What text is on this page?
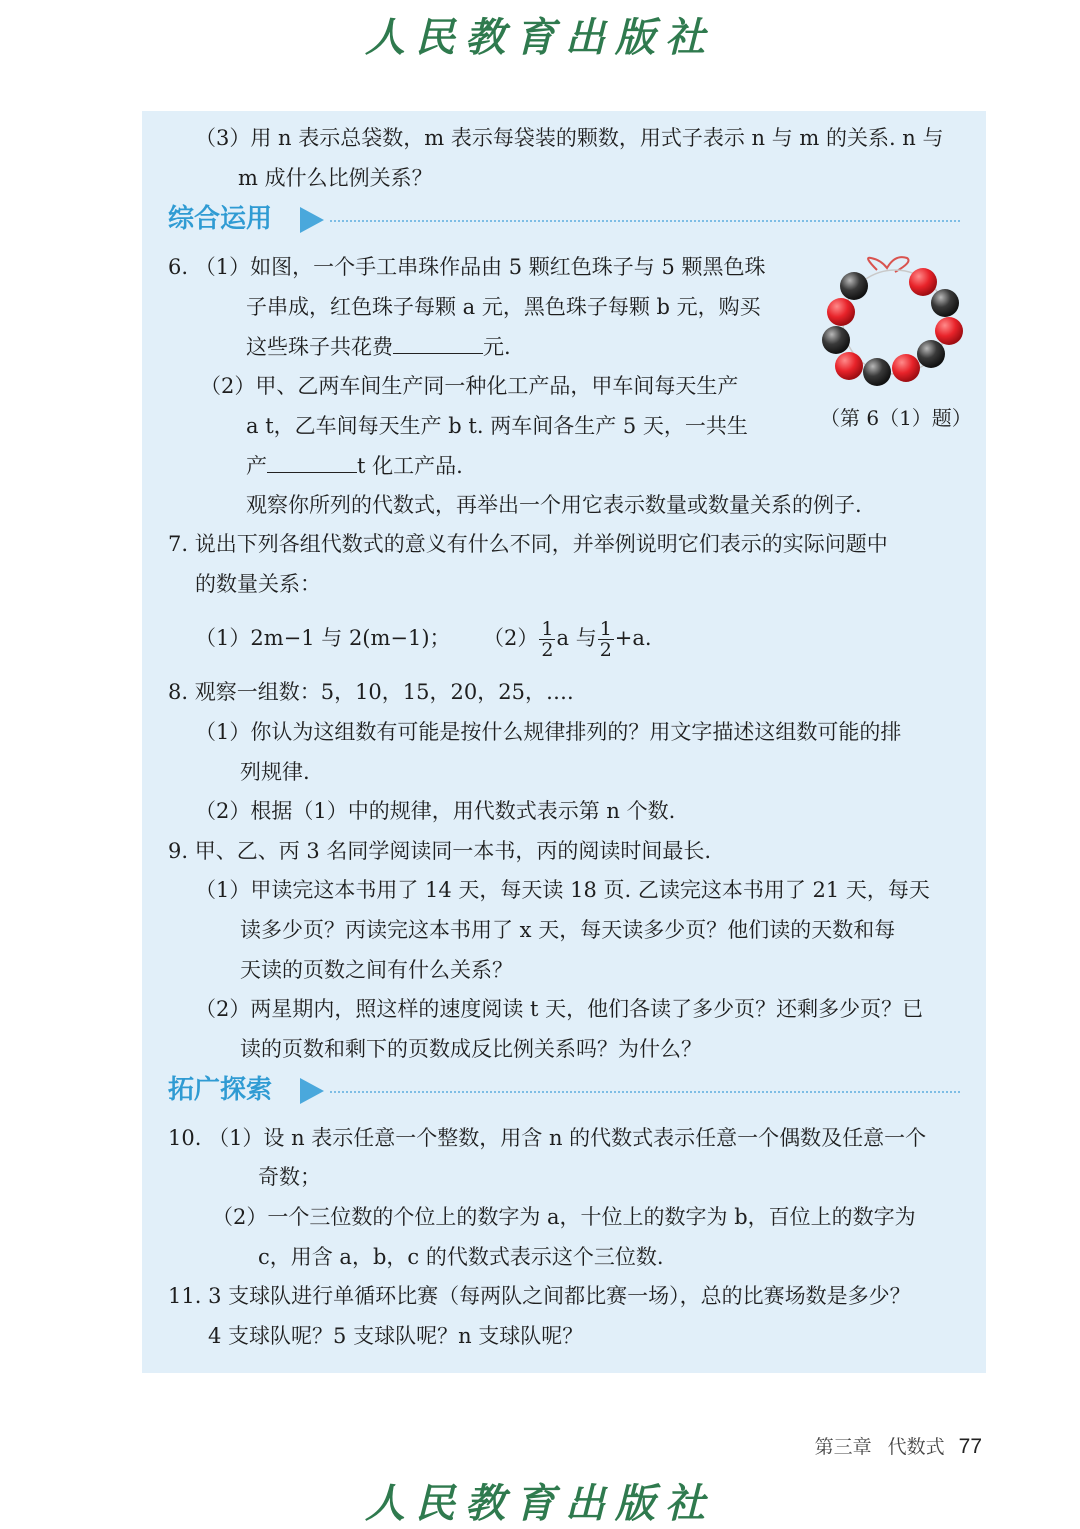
人民教育出版社
（3）用 n 表示总袋数，m 表示每袋装的颗数，用式子表示 n 与 m 的关系. n 与
m 成什么比例关系？
综合运用
6. （1）如图，一个手工串珠作品由 5 颗红色珠子与 5 颗黑色珠
子串成，红色珠子每颗 a 元，黑色珠子每颗 b 元，购买
这些珠子共花费	元.
（2）甲、乙两车间生产同一种化工产品，甲车间每天生产
a t，乙车间每天生产 b t. 两车间各生产 5 天，一共生
产	t 化工产品.
观察你所列的代数式，再举出一个用它表示数量或数量关系的例子.
（第 6（1）题）
7. 说出下列各组代数式的意义有什么不同，并举例说明它们表示的实际问题中
的数量关系：
（1）2m−1 与 2(m−1)； $(2) \frac{1}{2}$ a 与 $\frac{1}{2} +a$.
8. 观察一组数：5，10，15，20，25，….
（1）你认为这组数有可能是按什么规律排列的？用文字描述这组数可能的排
列规律.
（2）根据（1）中的规律，用代数式表示第 n 个数.
9. 甲、乙、丙 3 名同学阅读同一本书，丙的阅读时间最长.
（1）甲读完这本书用了 14 天，每天读 18 页. 乙读完这本书用了 21 天，每天
读多少页？丙读完这本书用了 x 天，每天读多少页？他们读的天数和每
天读的页数之间有什么关系？
（2）两星期内，照这样的速度阅读 t 天，他们各读了多少页？还剩多少页？已
读的页数和剩下的页数成反比例关系吗？为什么？
拓广探索
10. （1）设 n 表示任意一个整数，用含 n 的代数式表示任意一个偶数及任意一个
奇数；
（2）一个三位数的个位上的数字为 a，十位上的数字为 b，百位上的数字为
c，用含 a，b，c 的代数式表示这个三位数.
11. 3 支球队进行单循环比赛（每两队之间都比赛一场），总的比赛场数是多少？
4 支球队呢？5 支球队呢？n 支球队呢？
第三章 代数式 77
人民教育出版社
